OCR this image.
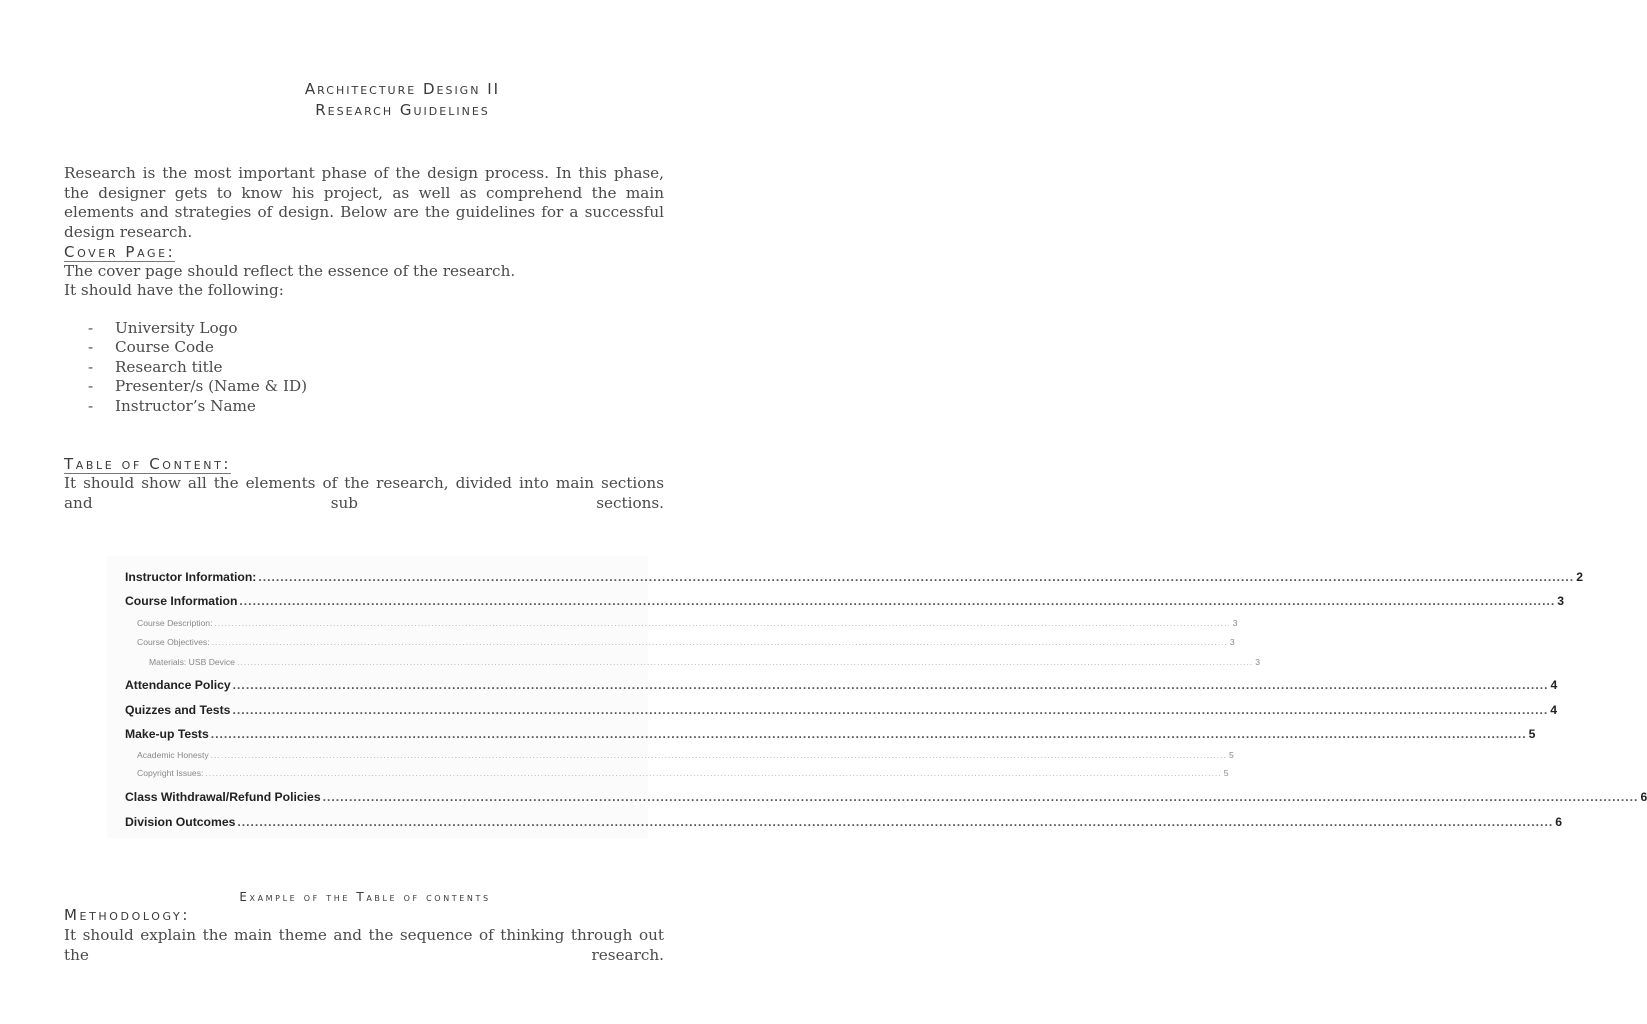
Architecture Design II
Research Guidelines
Research is the most important phase of the design process. In this phase, the designer gets to know his project, as well as comprehend the main elements and strategies of design. Below are the guidelines for a successful design research.
Cover Page:
The cover page should reflect the essence of the research.
It should have the following:
- University Logo
- Course Code
- Research title
- Presenter/s (Name & ID)
- Instructor’s Name
Table of Content:
It should show all the elements of the research, divided into main sections and sub sections.
Instructor Information: ............................................................................................................................................................................................................................................................................................................ 2
Course Information ............................................................................................................................................................................................................................................................................................................ 3
Course Description: ............................................................................................................................................................................................................................................................................................................ 3
Course Objectives: ............................................................................................................................................................................................................................................................................................................ 3
Materials: USB Device ............................................................................................................................................................................................................................................................................................................ 3
Attendance Policy ............................................................................................................................................................................................................................................................................................................ 4
Quizzes and Tests ............................................................................................................................................................................................................................................................................................................ 4
Make-up Tests ............................................................................................................................................................................................................................................................................................................ 5
Academic Honesty ............................................................................................................................................................................................................................................................................................................ 5
Copyright Issues: ............................................................................................................................................................................................................................................................................................................ 5
Class Withdrawal/Refund Policies ............................................................................................................................................................................................................................................................................................................ 6
Division Outcomes ............................................................................................................................................................................................................................................................................................................ 6
Example of the Table of contents
Methodology:
It should explain the main theme and the sequence of thinking through out the research.
